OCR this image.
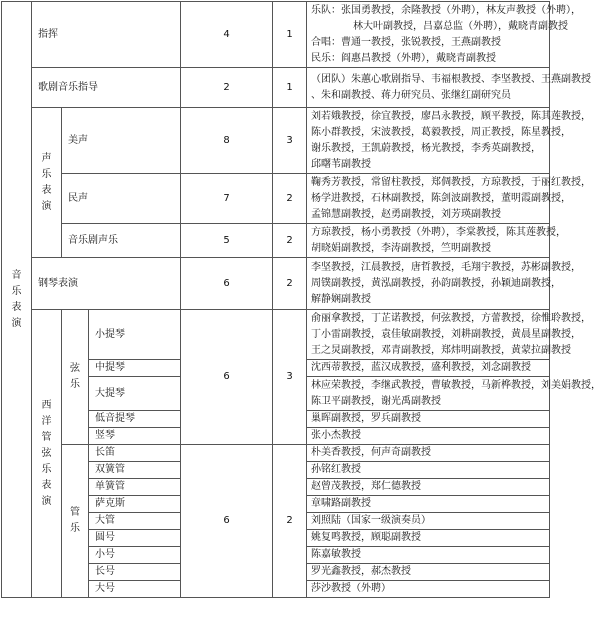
音乐表演	指挥			4	1	乐队：张国勇教授，余隆教授（外聘），林友声教授（外聘），
林大叶副教授，吕嘉总监（外聘），戴晓青副教授
合唱：曹通一教授，张锐教授，王燕副教授
民乐：阎惠昌教授（外聘），戴晓青副教授

	歌剧音乐指导			2	1	（团队）朱蕙心歌剧指导、韦福根教授、李坚教授、王燕副教授
、朱和副教授、蒋力研究员、张继红副研究员

	声乐表演	美声		8	3	刘若娥教授，徐宜教授，廖昌永教授，顾平教授，陈其莲教授，
陈小群教授，宋波教授，葛毅教授，周正教授，陈星教授，
谢乐教授，王凯蔚教授，杨光教授，李秀英副教授，
邱曙苇副教授

		民声		7	2	鞠秀芳教授，常留柱教授，郑倜教授，方琼教授，于丽红教授，
杨学进教授，石林副教授，陈剑波副教授，董明霞副教授，
孟锦慧副教授，赵勇副教授，刘芳瑛副教授

		音乐剧声乐		5	2	方琼教授，杨小勇教授（外聘），李棠教授，陈其莲教授，
胡晓娟副教授，李涛副教授，竺明副教授

	钢琴表演			6	2	李坚教授，江晨教授，唐哲教授，毛翔宇教授，苏彬副教授，
周镤副教授，黄泓副教授，孙韵副教授，孙颖迪副教授，
解静娴副教授

	西洋管弦乐表演	弦乐	小提琴	6	3	俞丽拿教授，丁芷诺教授，何弦教授，方蕾教授，徐惟聆教授，
丁小雷副教授，袁佳敏副教授，刘耕副教授，黄晨星副教授，
王之炅副教授，邓青副教授，郑炜明副教授，黄蒙拉副教授

			中提琴			沈西蒂教授，蓝汉成教授，盛利教授，刘念副教授

			大提琴			林应荣教授，李继武教授，曹敏教授，马新桦教授，刘美娟教授，
陈卫平副教授，谢光禹副教授

			低音提琴			巢晖副教授，罗兵副教授

			竖琴			张小杰教授

		管乐	长笛	6	2	朴美香教授，何声奇副教授

			双簧管			孙铭红教授

			单簧管			赵曾茂教授，郑仁德教授

			萨克斯			章啸路副教授

			大管			刘照陆（国家一级演奏员）

			圆号			姚复鸣教授，顾聪副教授

			小号			陈嘉敏教授

			长号			罗光鑫教授，郝杰教授

			大号			莎沙教授（外聘）
